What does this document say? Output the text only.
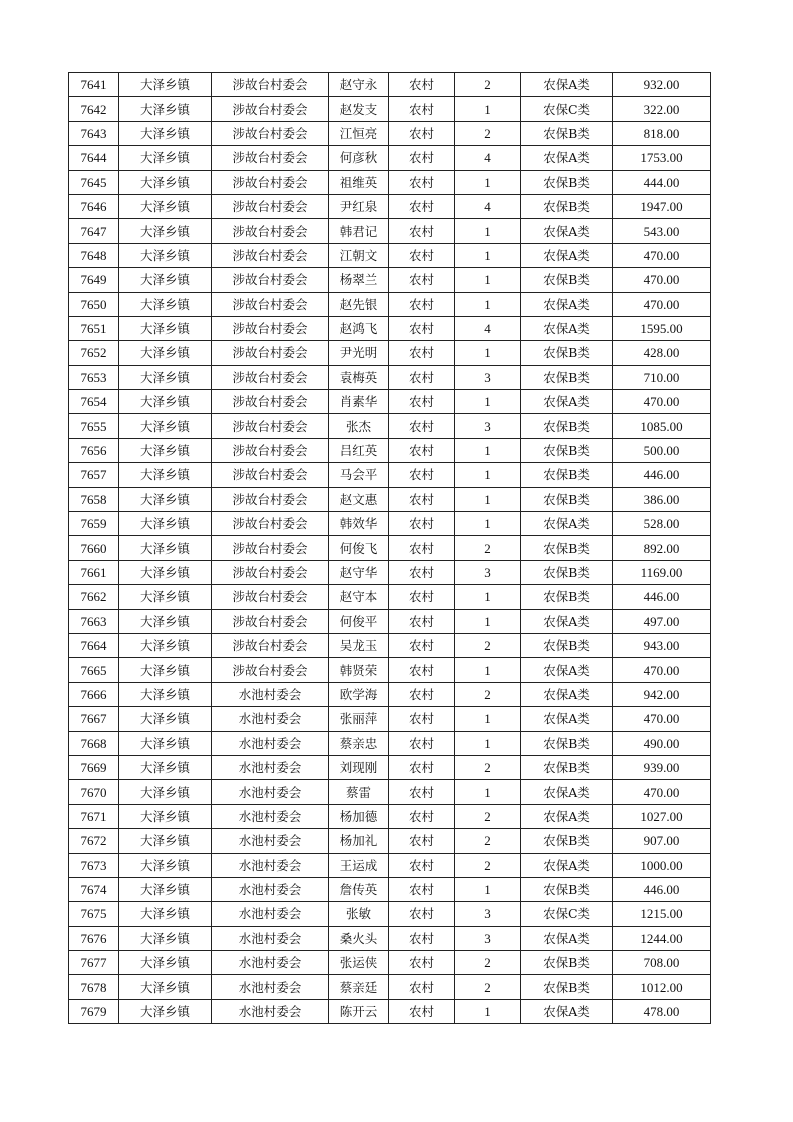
7641	大泽乡镇	涉故台村委会	赵守永	农村	2	农保A类	932.00
7642	大泽乡镇	涉故台村委会	赵发支	农村	1	农保C类	322.00
7643	大泽乡镇	涉故台村委会	江恒亮	农村	2	农保B类	818.00
7644	大泽乡镇	涉故台村委会	何彦秋	农村	4	农保A类	1753.00
7645	大泽乡镇	涉故台村委会	祖维英	农村	1	农保B类	444.00
7646	大泽乡镇	涉故台村委会	尹红泉	农村	4	农保B类	1947.00
7647	大泽乡镇	涉故台村委会	韩君记	农村	1	农保A类	543.00
7648	大泽乡镇	涉故台村委会	江朝文	农村	1	农保A类	470.00
7649	大泽乡镇	涉故台村委会	杨翠兰	农村	1	农保B类	470.00
7650	大泽乡镇	涉故台村委会	赵先银	农村	1	农保A类	470.00
7651	大泽乡镇	涉故台村委会	赵鸿飞	农村	4	农保A类	1595.00
7652	大泽乡镇	涉故台村委会	尹光明	农村	1	农保B类	428.00
7653	大泽乡镇	涉故台村委会	袁梅英	农村	3	农保B类	710.00
7654	大泽乡镇	涉故台村委会	肖素华	农村	1	农保A类	470.00
7655	大泽乡镇	涉故台村委会	张杰	农村	3	农保B类	1085.00
7656	大泽乡镇	涉故台村委会	吕红英	农村	1	农保B类	500.00
7657	大泽乡镇	涉故台村委会	马会平	农村	1	农保B类	446.00
7658	大泽乡镇	涉故台村委会	赵文惠	农村	1	农保B类	386.00
7659	大泽乡镇	涉故台村委会	韩效华	农村	1	农保A类	528.00
7660	大泽乡镇	涉故台村委会	何俊飞	农村	2	农保B类	892.00
7661	大泽乡镇	涉故台村委会	赵守华	农村	3	农保B类	1169.00
7662	大泽乡镇	涉故台村委会	赵守本	农村	1	农保B类	446.00
7663	大泽乡镇	涉故台村委会	何俊平	农村	1	农保A类	497.00
7664	大泽乡镇	涉故台村委会	吴龙玉	农村	2	农保B类	943.00
7665	大泽乡镇	涉故台村委会	韩贤荣	农村	1	农保A类	470.00
7666	大泽乡镇	水池村委会	欧学海	农村	2	农保A类	942.00
7667	大泽乡镇	水池村委会	张丽萍	农村	1	农保A类	470.00
7668	大泽乡镇	水池村委会	蔡亲忠	农村	1	农保B类	490.00
7669	大泽乡镇	水池村委会	刘现刚	农村	2	农保B类	939.00
7670	大泽乡镇	水池村委会	蔡雷	农村	1	农保A类	470.00
7671	大泽乡镇	水池村委会	杨加德	农村	2	农保A类	1027.00
7672	大泽乡镇	水池村委会	杨加礼	农村	2	农保B类	907.00
7673	大泽乡镇	水池村委会	王运成	农村	2	农保A类	1000.00
7674	大泽乡镇	水池村委会	詹传英	农村	1	农保B类	446.00
7675	大泽乡镇	水池村委会	张敏	农村	3	农保C类	1215.00
7676	大泽乡镇	水池村委会	桑火头	农村	3	农保A类	1244.00
7677	大泽乡镇	水池村委会	张运侠	农村	2	农保B类	708.00
7678	大泽乡镇	水池村委会	蔡亲廷	农村	2	农保B类	1012.00
7679	大泽乡镇	水池村委会	陈开云	农村	1	农保A类	478.00
